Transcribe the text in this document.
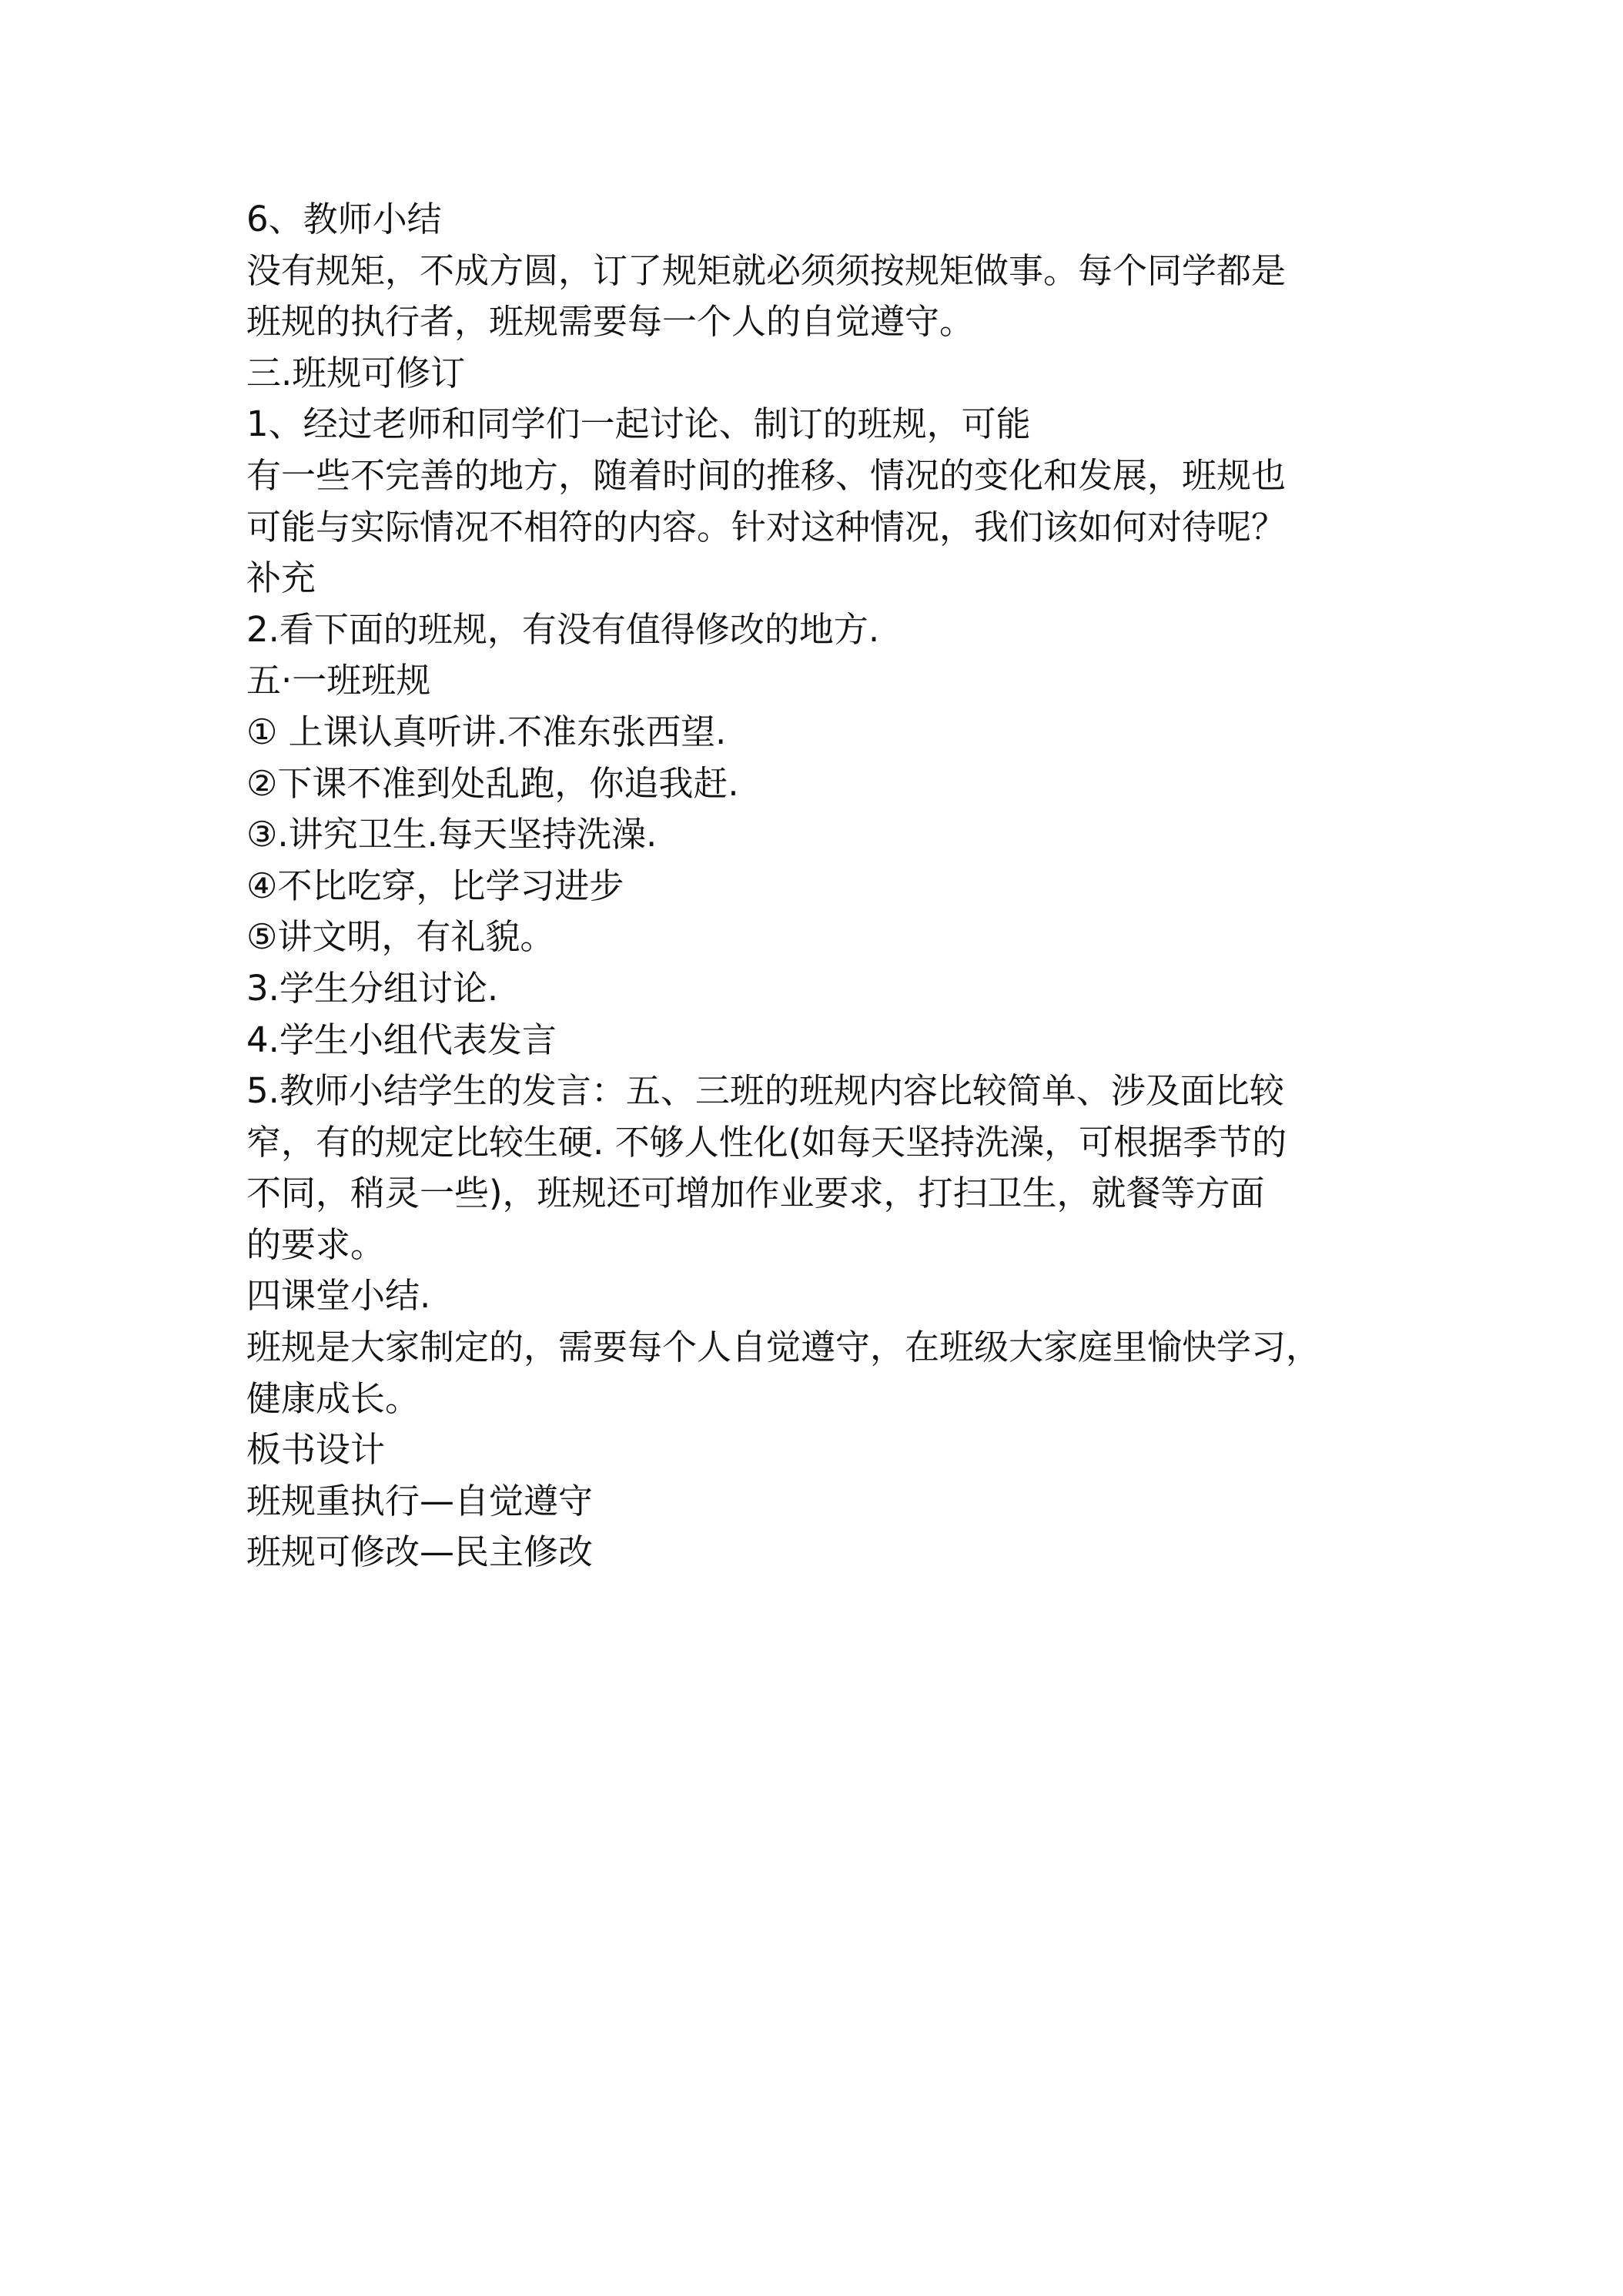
6、教师小结

没有规矩，不成方圆，订了规矩就必须须按规矩做事。每个同学都是

班规的执行者，班规需要每一个人的自觉遵守。

三.班规可修订

1、经过老师和同学们一起讨论、制订的班规，可能

有一些不完善的地方，随着时间的推移、情况的变化和发展，班规也

可能与实际情况不相符的内容。针对这种情况，我们该如何对待呢？

补充

2.看下面的班规，有没有值得修改的地方.

五·一班班规

① 上课认真听讲.不准东张西望.

②下课不准到处乱跑，你追我赶.

③.讲究卫生.每天坚持洗澡.

④不比吃穿，比学习进步

⑤讲文明，有礼貌。

3.学生分组讨论.

4.学生小组代表发言

5.教师小结学生的发言：五、三班的班规内容比较简单、涉及面比较

窄，有的规定比较生硬. 不够人性化(如每天坚持洗澡，可根据季节的

不同，稍灵一些)，班规还可增加作业要求，打扫卫生，就餐等方面

的要求。

四课堂小结.

班规是大家制定的，需要每个人自觉遵守，在班级大家庭里愉快学习，

健康成长。

板书设计

班规重执行—自觉遵守

班规可修改—民主修改
